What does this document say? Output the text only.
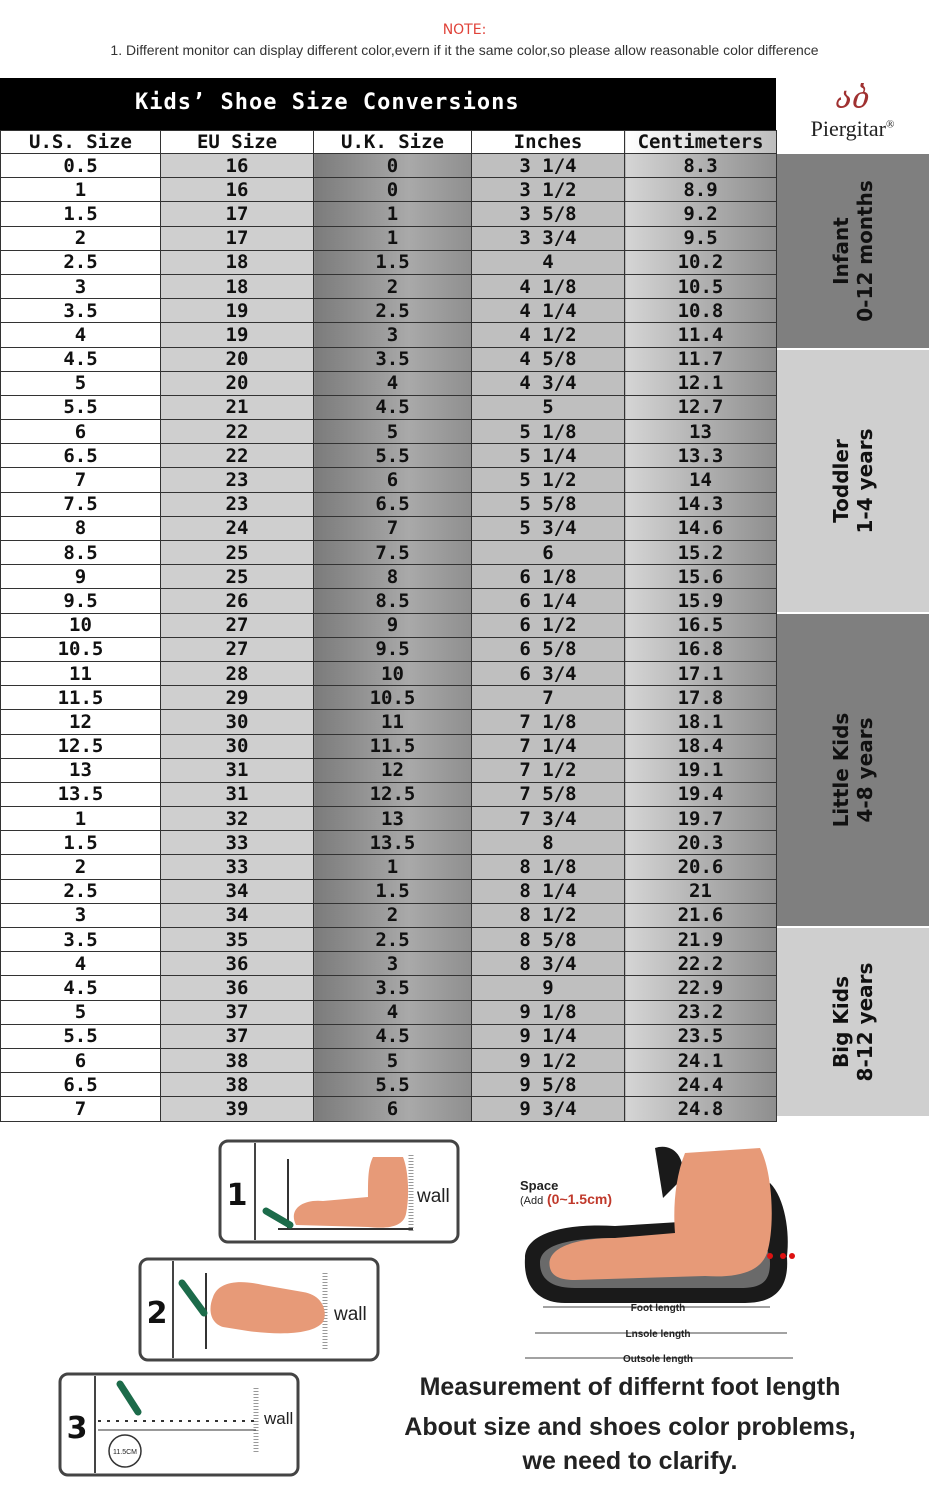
NOTE:
1. Different monitor can display different color,evern if it the same color,so please allow reasonable color difference
Kids’ Shoe Size Conversions	აბ
Piergitar®
U.S. Size	EU Size	U.K. Size	Inches	Centimeters
0.5	16	0	3 1/4	8.3
1	16	0	3 1/2	8.9
1.5	17	1	3 5/8	9.2
2	17	1	3 3/4	9.5
2.5	18	1.5	4	10.2
3	18	2	4 1/8	10.5
3.5	19	2.5	4 1/4	10.8
4	19	3	4 1/2	11.4
4.5	20	3.5	4 5/8	11.7
5	20	4	4 3/4	12.1
5.5	21	4.5	5	12.7
6	22	5	5 1/8	13
6.5	22	5.5	5 1/4	13.3
7	23	6	5 1/2	14
7.5	23	6.5	5 5/8	14.3
8	24	7	5 3/4	14.6
8.5	25	7.5	6	15.2
9	25	8	6 1/8	15.6
9.5	26	8.5	6 1/4	15.9
10	27	9	6 1/2	16.5
10.5	27	9.5	6 5/8	16.8
11	28	10	6 3/4	17.1
11.5	29	10.5	7	17.8
12	30	11	7 1/8	18.1
12.5	30	11.5	7 1/4	18.4
13	31	12	7 1/2	19.1
13.5	31	12.5	7 5/8	19.4
1	32	13	7 3/4	19.7
1.5	33	13.5	8	20.3
2	33	1	8 1/8	20.6
2.5	34	1.5	8 1/4	21
3	34	2	8 1/2	21.6
3.5	35	2.5	8 5/8	21.9
4	36	3	8 3/4	22.2
4.5	36	3.5	9	22.9
5	37	4	9 1/8	23.2
5.5	37	4.5	9 1/4	23.5
6	38	5	9 1/2	24.1
6.5	38	5.5	9 5/8	24.4
7	39	6	9 3/4	24.8
Infant 0-12 months
Toddler 1-4 years
Little Kids 4-8 years
Big Kids 8-12 years
1	wall
2	wall
3	wall
11.5CM
Space
(Add (0~1.5cm)
Foot length
Lnsole length
Outsole length
Measurement of differnt foot length
About size and shoes color problems,
we need to clarify.
